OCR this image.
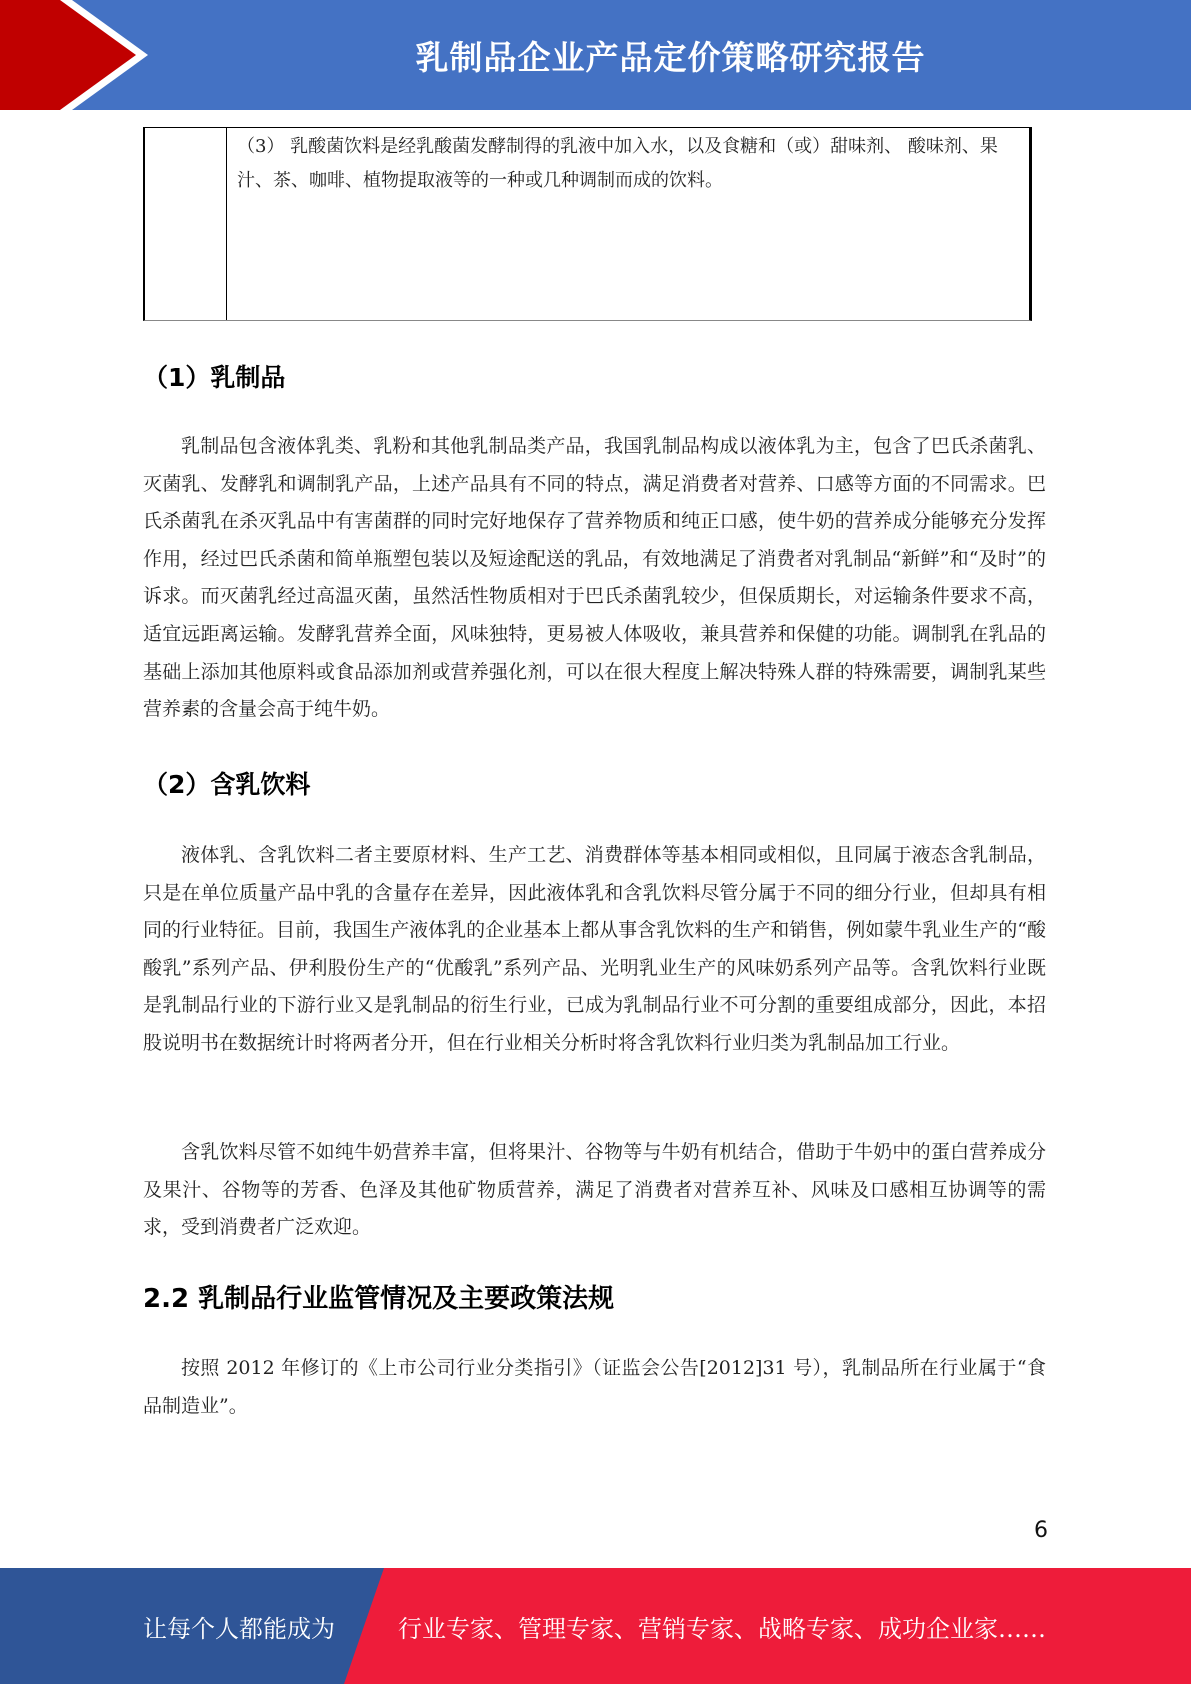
乳制品企业产品定价策略研究报告
（3） 乳酸菌饮料是经乳酸菌发酵制得的乳液中加入水，以及食糖和（或）甜味剂、 酸味剂、果汁、茶、咖啡、植物提取液等的一种或几种调制而成的饮料。
（1）乳制品
乳制品包含液体乳类、乳粉和其他乳制品类产品，我国乳制品构成以液体乳为主，包含了巴氏杀菌乳、灭菌乳、发酵乳和调制乳产品，上述产品具有不同的特点，满足消费者对营养、口感等方面的不同需求。巴氏杀菌乳在杀灭乳品中有害菌群的同时完好地保存了营养物质和纯正口感，使牛奶的营养成分能够充分发挥作用，经过巴氏杀菌和简单瓶塑包装以及短途配送的乳品，有效地满足了消费者对乳制品“新鲜”和“及时”的诉求。而灭菌乳经过高温灭菌，虽然活性物质相对于巴氏杀菌乳较少，但保质期长，对运输条件要求不高，适宜远距离运输。发酵乳营养全面，风味独特，更易被人体吸收，兼具营养和保健的功能。调制乳在乳品的基础上添加其他原料或食品添加剂或营养强化剂，可以在很大程度上解决特殊人群的特殊需要，调制乳某些营养素的含量会高于纯牛奶。
（2）含乳饮料
液体乳、含乳饮料二者主要原材料、生产工艺、消费群体等基本相同或相似，且同属于液态含乳制品，只是在单位质量产品中乳的含量存在差异，因此液体乳和含乳饮料尽管分属于不同的细分行业，但却具有相同的行业特征。目前，我国生产液体乳的企业基本上都从事含乳饮料的生产和销售，例如蒙牛乳业生产的“酸酸乳”系列产品、伊利股份生产的“优酸乳”系列产品、光明乳业生产的风味奶系列产品等。含乳饮料行业既是乳制品行业的下游行业又是乳制品的衍生行业，已成为乳制品行业不可分割的重要组成部分，因此，本招股说明书在数据统计时将两者分开，但在行业相关分析时将含乳饮料行业归类为乳制品加工行业。
含乳饮料尽管不如纯牛奶营养丰富，但将果汁、谷物等与牛奶有机结合，借助于牛奶中的蛋白营养成分及果汁、谷物等的芳香、色泽及其他矿物质营养，满足了消费者对营养互补、风味及口感相互协调等的需求，受到消费者广泛欢迎。
2.2 乳制品行业监管情况及主要政策法规
按照 2012 年修订的《上市公司行业分类指引》（证监会公告[2012]31 号），乳制品所在行业属于“食品制造业”。
6
让每个人都能成为	行业专家、管理专家、营销专家、战略专家、成功企业家……
